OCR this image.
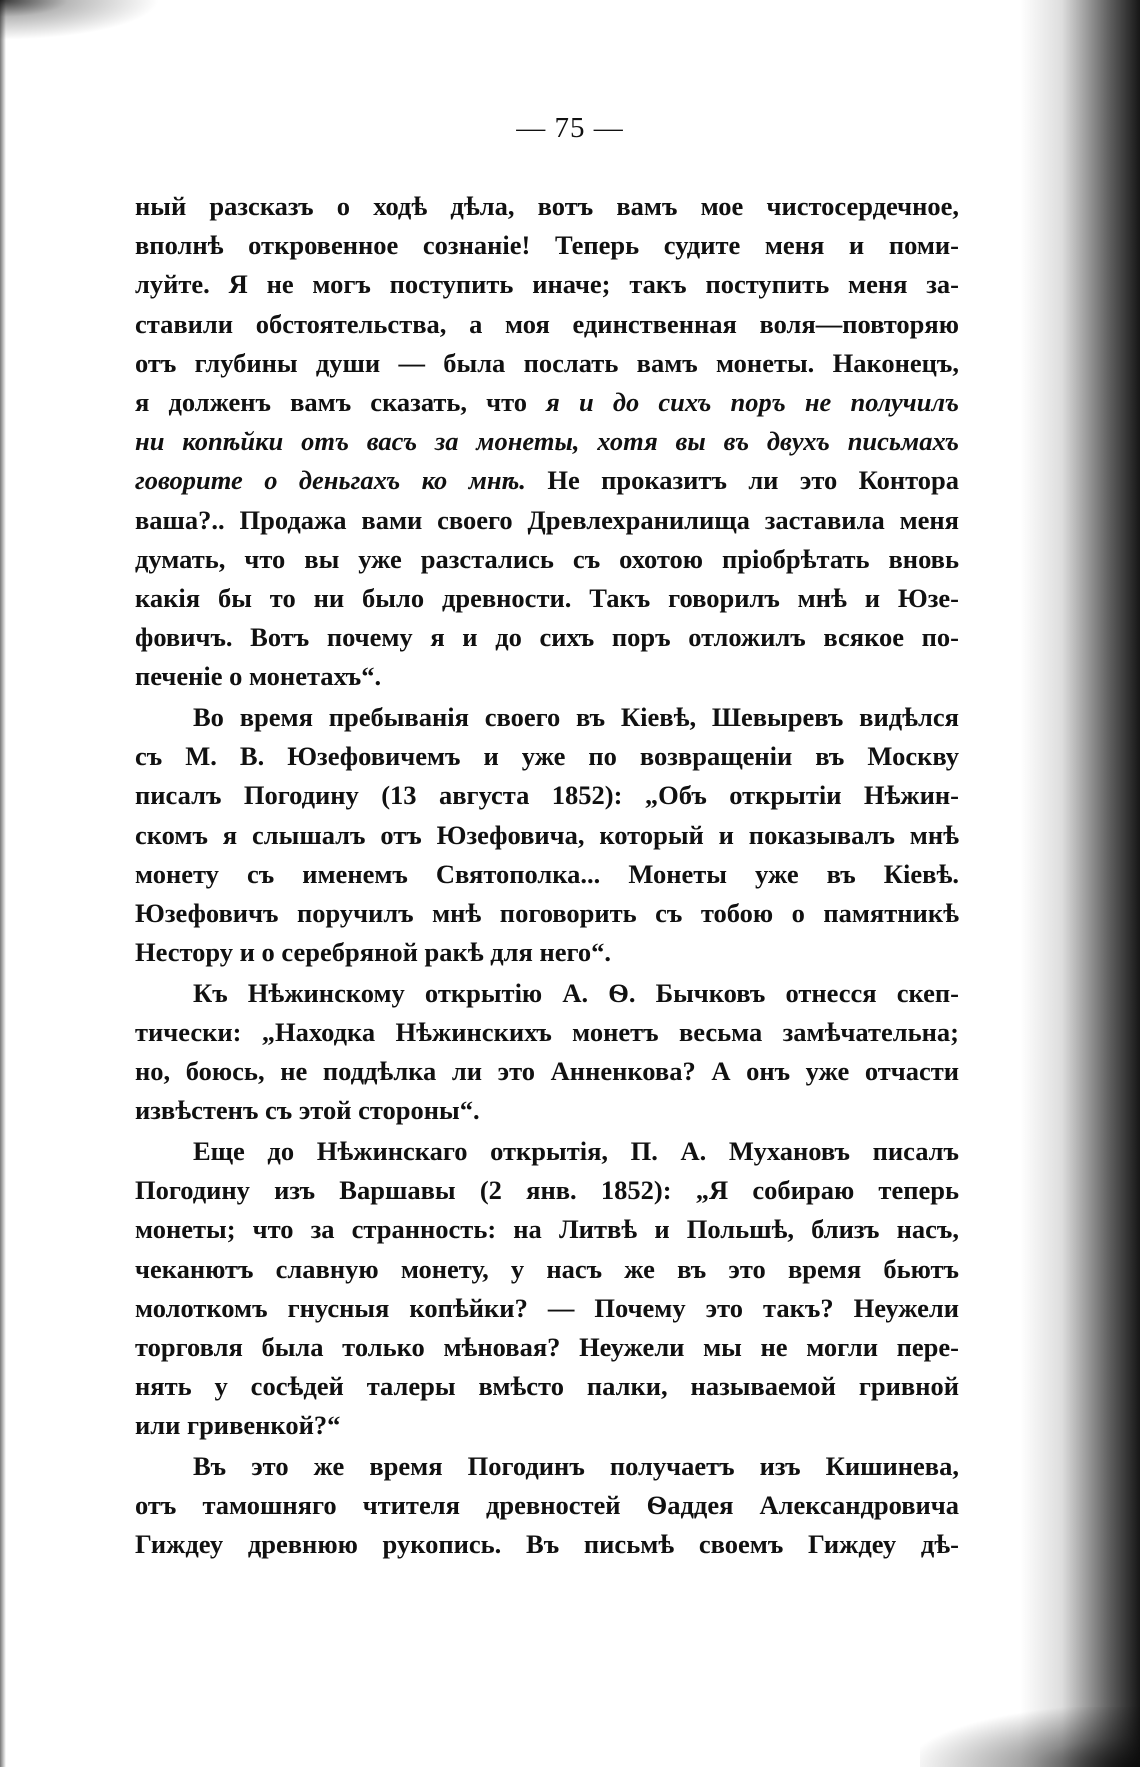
— 75 —
ный разсказъ о ходѣ дѣла, вотъ вамъ мое чистосердечное,
вполнѣ откровенное сознаніе! Теперь судите меня и поми-
луйте. Я не могъ поступить иначе; такъ поступить меня за-
ставили обстоятельства, а моя единственная воля—повторяю
отъ глубины души — была послать вамъ монеты. Наконецъ,
я долженъ вамъ сказать, что я и до сихъ поръ не получилъ
ни копѣйки отъ васъ за монеты, хотя вы въ двухъ письмахъ
говорите о деньгахъ ко мнѣ. Не проказитъ ли это Контора
ваша?.. Продажа вами своего Древлехранилища заставила меня
думать, что вы уже разстались съ охотою пріобрѣтать вновь
какія бы то ни было древности. Такъ говорилъ мнѣ и Юзе-
фовичъ. Вотъ почему я и до сихъ поръ отложилъ всякое по-
печеніе о монетахъ“.
Во время пребыванія своего въ Кіевѣ, Шевыревъ видѣлся
съ М. В. Юзефовичемъ и уже по возвращеніи въ Москву
писалъ Погодину (13 августа 1852): „Объ открытіи Нѣжин-
скомъ я слышалъ отъ Юзефовича, который и показывалъ мнѣ
монету съ именемъ Святополка... Монеты уже въ Кіевѣ.
Юзефовичъ поручилъ мнѣ поговорить съ тобою о памятникѣ
Нестору и о серебряной ракѣ для него“.
Къ Нѣжинскому открытію А. Ѳ. Бычковъ отнесся скеп-
тически: „Находка Нѣжинскихъ монетъ весьма замѣчательна;
но, боюсь, не поддѣлка ли это Анненкова? А онъ уже отчасти
извѣстенъ съ этой стороны“.
Еще до Нѣжинскаго открытія, П. А. Мухановъ писалъ
Погодину изъ Варшавы (2 янв. 1852): „Я собираю теперь
монеты; что за странность: на Литвѣ и Польшѣ, близъ насъ,
чеканютъ славную монету, у насъ же въ это время бьютъ
молоткомъ гнусныя копѣйки? — Почему это такъ? Неужели
торговля была только мѣновая? Неужели мы не могли пере-
нять у сосѣдей талеры вмѣсто палки, называемой гривной
или гривенкой?“
Въ это же время Погодинъ получаетъ изъ Кишинева,
отъ тамошняго чтителя древностей Ѳаддея Александровича
Гиждеу древнюю рукопись. Въ письмѣ своемъ Гиждеу дѣ-
